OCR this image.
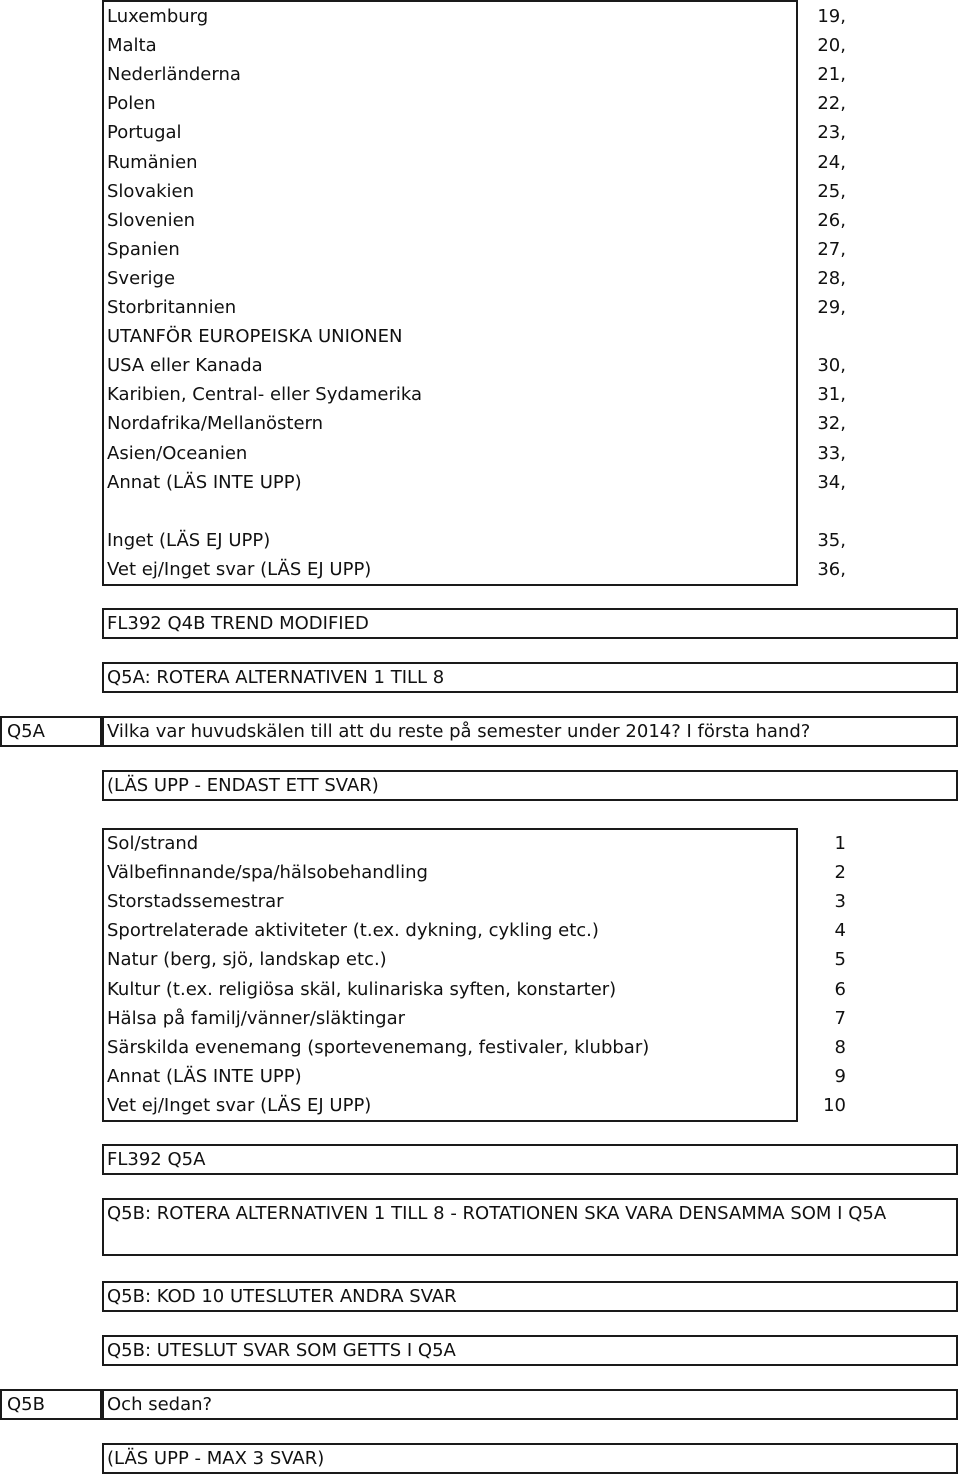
Luxemburg	19,
Malta	20,
Nederländerna	21,
Polen	22,
Portugal	23,
Rumänien	24,
Slovakien	25,
Slovenien	26,
Spanien	27,
Sverige	28,
Storbritannien	29,
UTANFÖR EUROPEISKA UNIONEN
USA eller Kanada	30,
Karibien, Central- eller Sydamerika	31,
Nordafrika/Mellanöstern	32,
Asien/Oceanien	33,
Annat (LÄS INTE UPP)	34,
Inget (LÄS EJ UPP)	35,
Vet ej/Inget svar (LÄS EJ UPP)	36,
FL392 Q4B TREND MODIFIED
Q5A: ROTERA ALTERNATIVEN 1 TILL 8
Q5A	Vilka var huvudskälen till att du reste på semester under 2014? I första hand?
(LÄS UPP - ENDAST ETT SVAR)
Sol/strand	1
Välbefinnande/spa/hälsobehandling	2
Storstadssemestrar	3
Sportrelaterade aktiviteter (t.ex. dykning, cykling etc.)	4
Natur (berg, sjö, landskap etc.)	5
Kultur (t.ex. religiösa skäl, kulinariska syften, konstarter)	6
Hälsa på familj/vänner/släktingar	7
Särskilda evenemang (sportevenemang, festivaler, klubbar)	8
Annat (LÄS INTE UPP)	9
Vet ej/Inget svar (LÄS EJ UPP)	10
FL392 Q5A
Q5B: ROTERA ALTERNATIVEN 1 TILL 8 - ROTATIONEN SKA VARA DENSAMMA SOM I Q5A
Q5B: KOD 10 UTESLUTER ANDRA SVAR
Q5B: UTESLUT SVAR SOM GETTS I Q5A
Q5B	Och sedan?
(LÄS UPP - MAX 3 SVAR)
